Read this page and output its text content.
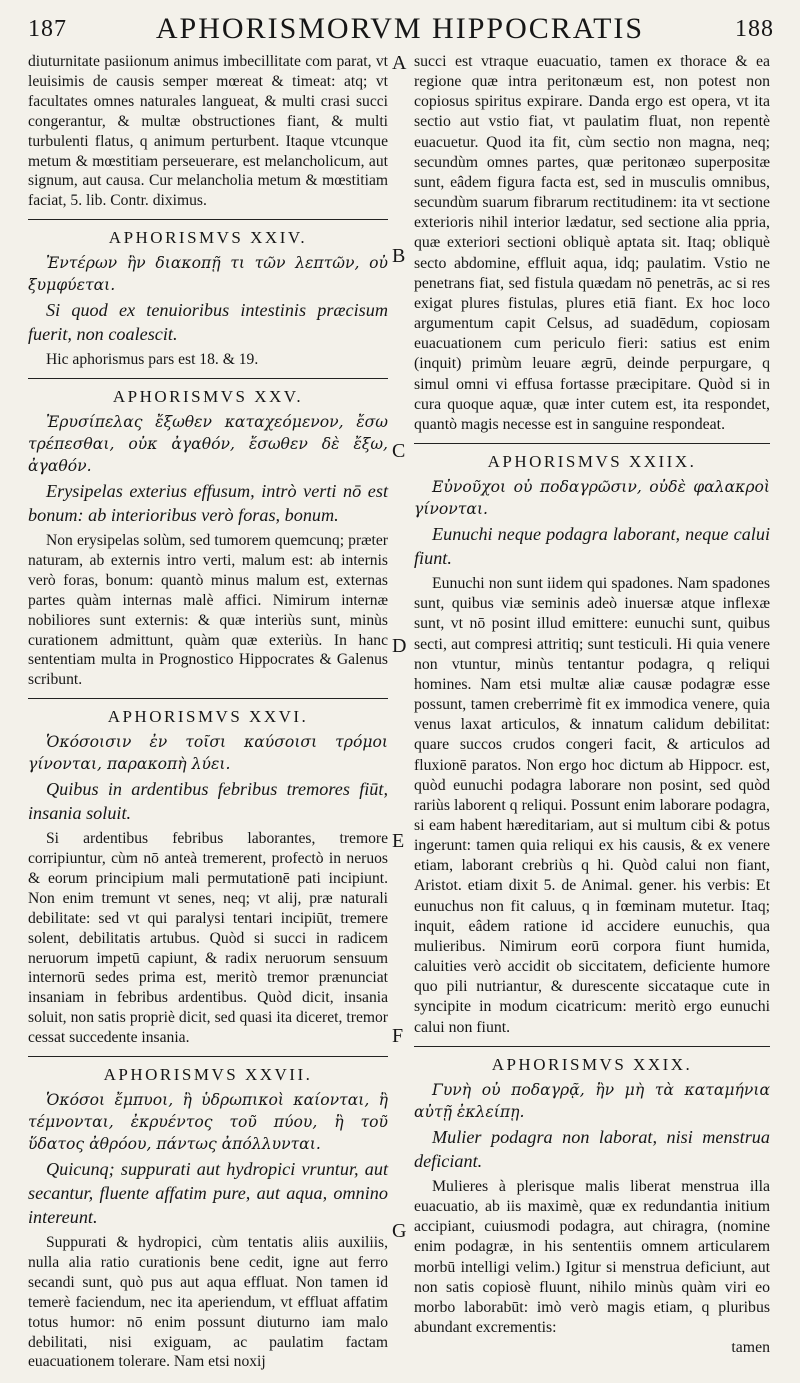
187	APHORISMORVM HIPPOCRATIS	188
A
B
C
D
E
F
G

diuturnitate pasiionum animus imbecillitate com parat, vt leuisimis de causis semper mœreat & timeat: atq; vt facultates omnes naturales langueat, & multi crasi succi congerantur, & multæ obstructiones fiant, & multi turbulenti flatus, q animum perturbent. Itaque vtcunque metum & mœstitiam perseuerare, est melancholicum, aut signum, aut causa. Cur melancholia metum & mœstitiam faciat, 5. lib. Contr. diximus.

APHORISMVS XXIV.

Ἐντέρων ἢν διακοπῇ τι τῶν λεπτῶν, οὐ ξυμφύεται.

Si quod ex tenuioribus intestinis præcisum fuerit, non coalescit.

Hic aphorismus pars est 18. & 19.

APHORISMVS XXV.

Ἐρυσίπελας ἔξωθεν καταχεόμενον, ἔσω τρέπεσθαι, οὐκ ἀγαθόν, ἔσωθεν δὲ ἔξω, ἀγαθόν.

Erysipelas exterius effusum, intrò verti nō est bonum: ab interioribus verò foras, bonum.

Non erysipelas solùm, sed tumorem quemcunq; præter naturam, ab externis intro verti, malum est: ab internis verò foras, bonum: quantò minus malum est, externas partes quàm internas malè affici. Nimirum internæ nobiliores sunt externis: & quæ interiùs sunt, minùs curationem admittunt, quàm quæ exteriùs. In hanc sententiam multa in Prognostico Hippocrates & Galenus scribunt.

APHORISMVS XXVI.

Ὁκόσοισιν ἐν τοῖσι καύσοισι τρόμοι γίνονται, παρακοπὴ λύει.

Quibus in ardentibus febribus tremores fiūt, insania soluit.

Si ardentibus febribus laborantes, tremore corripiuntur, cùm nō anteà tremerent, profectò in neruos & eorum principium mali permutationē pati incipiunt. Non enim tremunt vt senes, neq; vt alij, præ naturali debilitate: sed vt qui paralysi tentari incipiūt, tremere solent, debilitatis artubus. Quòd si succi in radicem neruorum impetū capiunt, & radix neruorum sensuum internorū sedes prima est, meritò tremor prænunciat insaniam in febribus ardentibus. Quòd dicit, insania soluit, non satis propriè dicit, sed quasi ita diceret, tremor cessat succedente insania.

APHORISMVS XXVII.

Ὁκόσοι ἔμπυοι, ἢ ὑδρωπικοὶ καίονται, ἢ τέμνονται, ἐκρυέντος τοῦ πύου, ἢ τοῦ ὕδατος ἀθρόου, πάντως ἀπόλλυνται.

Quicunq; suppurati aut hydropici vruntur, aut secantur, fluente affatim pure, aut aqua, omnino intereunt.

Suppurati & hydropici, cùm tentatis aliis auxiliis, nulla alia ratio curationis bene cedit, igne aut ferro secandi sunt, quò pus aut aqua effluat. Non tamen id temerè faciendum, nec ita aperiendum, vt effluat affatim totus humor: nō enim possunt diuturno iam malo debilitati, nisi exiguam, ac paulatim factam euacuationem tolerare. Nam etsi noxij

succi est vtraque euacuatio, tamen ex thorace & ea regione quæ intra peritonæum est, non potest non copiosus spiritus expirare. Danda ergo est opera, vt ita sectio aut vstio fiat, vt paulatim fluat, non repentè euacuetur. Quod ita fit, cùm sectio non magna, neq; secundùm omnes partes, quæ peritonæo superpositæ sunt, eâdem figura facta est, sed in musculis omnibus, secundùm suarum fibrarum rectitudinem: ita vt sectione exterioris nihil interior lædatur, sed sectione alia ppria, quæ exteriori sectioni obliquè aptata sit. Itaq; obliquè secto abdomine, effluit aqua, idq; paulatim. Vstio ne penetrans fiat, sed fistula quædam nō penetrās, ac si res exigat plures fistulas, plures etiā fiant. Ex hoc loco argumentum capit Celsus, ad suadēdum, copiosam euacuationem cum periculo fieri: satius est enim (inquit) primùm leuare ægrū, deinde perpurgare, q simul omni vi effusa fortasse præcipitare. Quòd si in cura quoque aquæ, quæ inter cutem est, ita respondet, quantò magis necesse est in sanguine respondeat.

APHORISMVS XXIIX.

Εὐνοῦχοι οὐ ποδαγρῶσιν, οὐδὲ φαλακροὶ γίνονται.

Eunuchi neque podagra laborant, neque calui fiunt.

Eunuchi non sunt iidem qui spadones. Nam spadones sunt, quibus viæ seminis adeò inuersæ atque inflexæ sunt, vt nō posint illud emittere: eunuchi sunt, quibus secti, aut compresi attritiq; sunt testiculi. Hi quia venere non vtuntur, minùs tentantur podagra, q reliqui homines. Nam etsi multæ aliæ causæ podagræ esse possunt, tamen creberrimè fit ex immodica venere, quia venus laxat articulos, & innatum calidum debilitat: quare succos crudos congeri facit, & articulos ad fluxionē paratos. Non ergo hoc dictum ab Hippocr. est, quòd eunuchi podagra laborare non posint, sed quòd rariùs laborent q reliqui. Possunt enim laborare podagra, si eam habent hæreditariam, aut si multum cibi & potus ingerunt: tamen quia reliqui ex his causis, & ex venere etiam, laborant crebriùs q hi. Quòd calui non fiant, Aristot. etiam dixit 5. de Animal. gener. his verbis: Et eunuchus non fit caluus, q in fœminam mutetur. Itaq; inquit, eâdem ratione id accidere eunuchis, qua mulieribus. Nimirum eorū corpora fiunt humida, caluities verò accidit ob siccitatem, deficiente humore quo pili nutriantur, & durescente siccataque cute in syncipite in modum cicatricum: meritò ergo eunuchi calui non fiunt.

APHORISMVS XXIX.

Γυνὴ οὐ ποδαγρᾷ, ἢν μὴ τὰ καταμήνια αὐτῇ ἐκλείπῃ.

Mulier podagra non laborat, nisi menstrua deficiant.

Mulieres à plerisque malis liberat menstrua illa euacuatio, ab iis maximè, quæ ex redundantia initium accipiant, cuiusmodi podagra, aut chiragra, (nomine enim podagræ, in his sententiis omnem articularem morbū intelligi velim.) Igitur si menstrua deficiunt, aut non satis copiosè fluunt, nihilo minùs quàm viri eo morbo laborabūt: imò verò magis etiam, q pluribus abundant excrementis:

tamen
